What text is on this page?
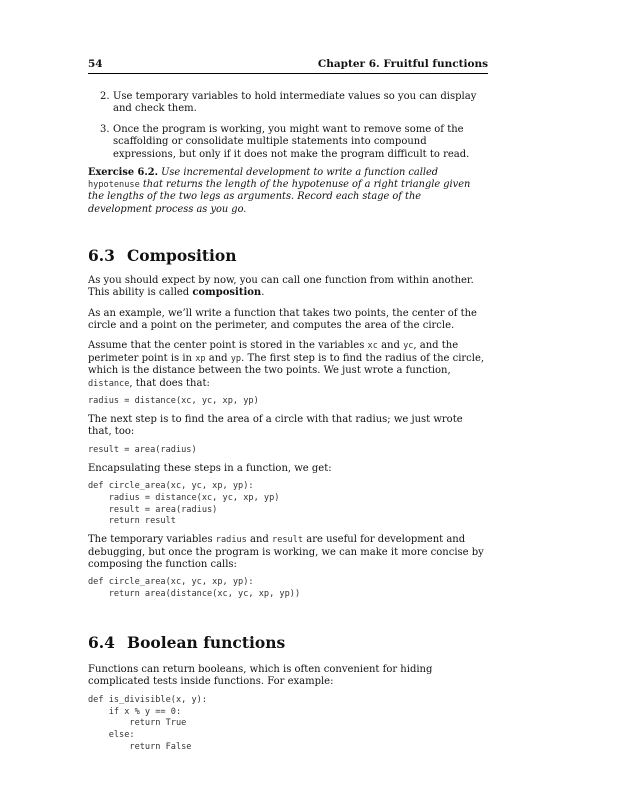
54	Chapter 6. Fruitful functions
2. Use temporary variables to hold intermediate values so you can display and check them.
3. Once the program is working, you might want to remove some of the scaffolding or consolidate multiple statements into compound expressions, but only if it does not make the program difficult to read.

Exercise 6.2. Use incremental development to write a function called hypotenuse that returns the length of the hypotenuse of a right triangle given the lengths of the two legs as arguments. Record each stage of the development process as you go.

6.3 Composition

As you should expect by now, you can call one function from within another. This ability is called composition.

As an example, we’ll write a function that takes two points, the center of the circle and a point on the perimeter, and computes the area of the circle.

Assume that the center point is stored in the variables xc and yc, and the perimeter point is in xp and yp. The first step is to find the radius of the circle, which is the distance between the two points. We just wrote a function, distance, that does that:

radius = distance(xc, yc, xp, yp)

The next step is to find the area of a circle with that radius; we just wrote that, too:

result = area(radius)

Encapsulating these steps in a function, we get:

def circle_area(xc, yc, xp, yp):
radius = distance(xc, yc, xp, yp)
result = area(radius)
return result

The temporary variables radius and result are useful for development and debugging, but once the program is working, we can make it more concise by composing the function calls:

def circle_area(xc, yc, xp, yp):
return area(distance(xc, yc, xp, yp))
6.4 Boolean functions

Functions can return booleans, which is often convenient for hiding complicated tests inside functions. For example:

def is_divisible(x, y):
if x % y == 0:
return True
else:
return False
